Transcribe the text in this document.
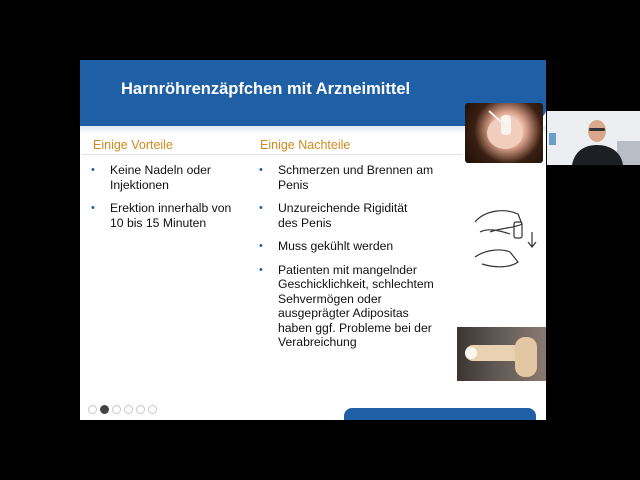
Harnröhrenzäpfchen mit Arzneimittel
Einige Vorteile	Einige Nachteile
• Keine Nadeln oder
Injektionen
• Erektion innerhalb von
10 bis 15 Minuten
• Schmerzen und Brennen am
Penis
• Unzureichende Rigidität
des Penis
• Muss gekühlt werden
• Patienten mit mangelnder
Geschicklichkeit, schlechtem
Sehvermögen oder
ausgeprägter Adipositas
haben ggf. Probleme bei der
Verabreichung
